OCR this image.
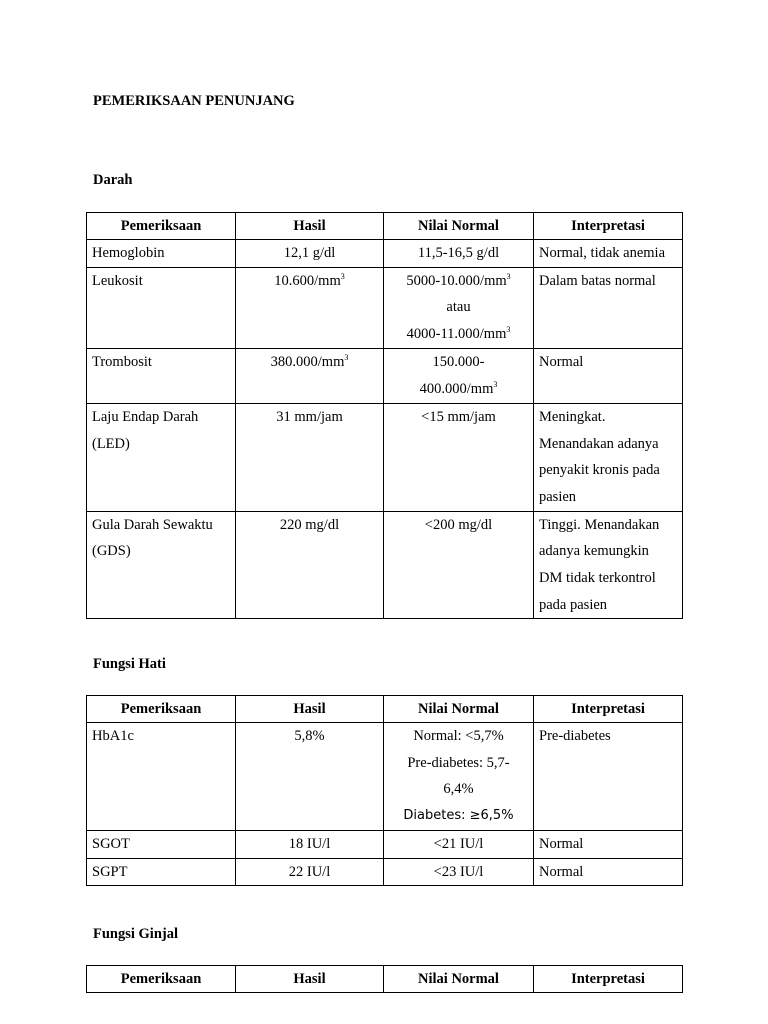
PEMERIKSAAN PENUNJANG
Darah
Pemeriksaan	Hasil	Nilai Normal	Interpretasi

Hemoglobin	12,1 g/dl	11,5-16,5 g/dl	Normal, tidak anemia

Leukosit	$10.600/mm^3$	$5000-10.000/mm^3$
atau
$4000-11.000/mm^3$	Dalam batas normal

Trombosit	$380.000/mm^3$	150.000-
$400.000/mm^3$	Normal

Laju Endap Darah
(LED)	31 mm/jam	<15 mm/jam	Meningkat.
Menandakan adanya
penyakit kronis pada
pasien

Gula Darah Sewaktu
(GDS)	220 mg/dl	<200 mg/dl	Tinggi. Menandakan
adanya kemungkin
DM tidak terkontrol
pada pasien
Fungsi Hati
Pemeriksaan	Hasil	Nilai Normal	Interpretasi

HbA1c	5,8%	Normal: <5,7%
Pre-diabetes: 5,7-
6,4%
Diabetes: ≥6,5%	Pre-diabetes

SGOT	18 IU/l	<21 IU/l	Normal

SGPT	22 IU/l	<23 IU/l	Normal
Fungsi Ginjal
Pemeriksaan	Hasil	Nilai Normal	Interpretasi
